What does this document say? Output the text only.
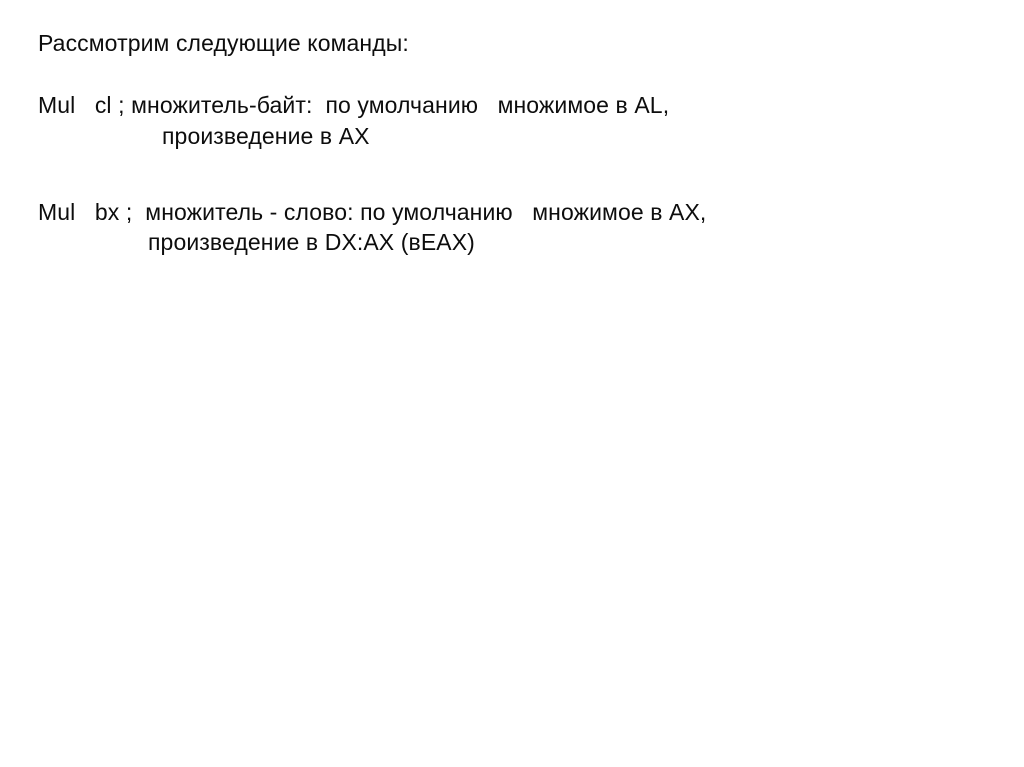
Рассмотрим следующие команды:
Mul   cl ; множитель-байт:  по умолчанию   множимое в AL,
произведение в AX
Mul   bx ;  множитель - слово: по умолчанию   множимое в AX,
произведение в DX:AX (вEAX)
